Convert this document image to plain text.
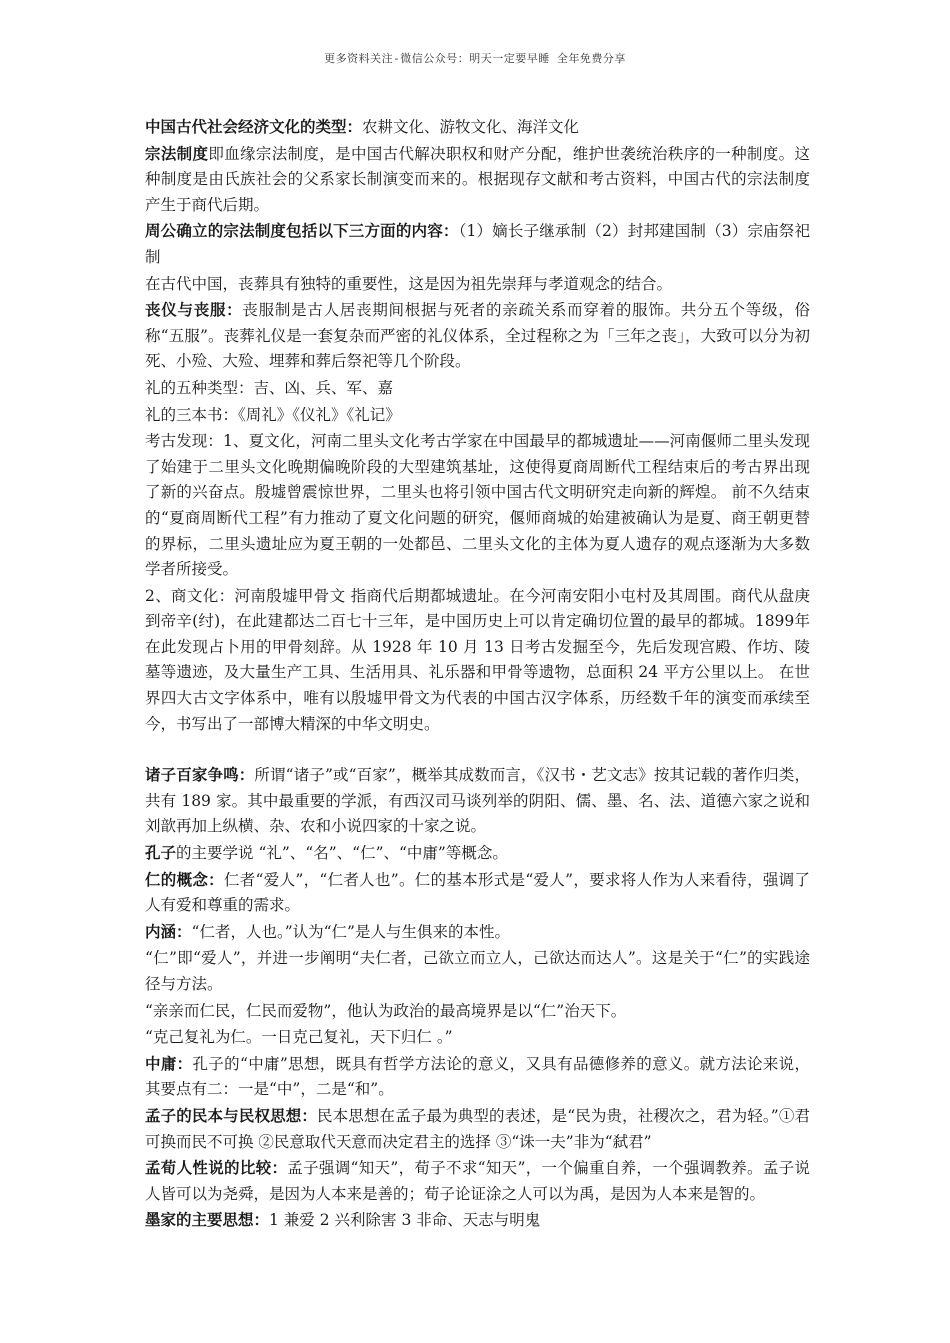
更多资料关注-微信公众号：明天一定要早睡 全年免费分享

中国古代社会经济文化的类型：农耕文化、游牧文化、海洋文化

宗法制度即血缘宗法制度，是中国古代解决职权和财产分配，维护世袭统治秩序的一种制度。这种制度是由氏族社会的父系家长制演变而来的。根据现存文献和考古资料，中国古代的宗法制度产生于商代后期。

周公确立的宗法制度包括以下三方面的内容：（1）嫡长子继承制（2）封邦建国制（3）宗庙祭祀制

在古代中国，丧葬具有独特的重要性，这是因为祖先崇拜与孝道观念的结合。

丧仪与丧服：丧服制是古人居丧期间根据与死者的亲疏关系而穿着的服饰。共分五个等级，俗称“五服”。丧葬礼仪是一套复杂而严密的礼仪体系，全过程称之为「三年之丧」，大致可以分为初死、小殓、大殓、埋葬和葬后祭祀等几个阶段。

礼的五种类型：吉、凶、兵、军、嘉

礼的三本书：《周礼》《仪礼》《礼记》

考古发现：1、夏文化，河南二里头文化考古学家在中国最早的都城遗址——河南偃师二里头发现了始建于二里头文化晚期偏晚阶段的大型建筑基址，这使得夏商周断代工程结束后的考古界出现了新的兴奋点。殷墟曾震惊世界，二里头也将引领中国古代文明研究走向新的辉煌。 前不久结束的“夏商周断代工程”有力推动了夏文化问题的研究，偃师商城的始建被确认为是夏、商王朝更替的界标，二里头遗址应为夏王朝的一处都邑、二里头文化的主体为夏人遗存的观点逐渐为大多数学者所接受。

2、商文化：河南殷墟甲骨文 指商代后期都城遗址。在今河南安阳小屯村及其周围。商代从盘庚到帝辛(纣)，在此建都达二百七十三年，是中国历史上可以肯定确切位置的最早的都城。1899年在此发现占卜用的甲骨刻辞。从 1928 年 10 月 13 日考古发掘至今，先后发现宫殿、作坊、陵墓等遗迹，及大量生产工具、生活用具、礼乐器和甲骨等遗物，总面积 24 平方公里以上。 在世界四大古文字体系中，唯有以殷墟甲骨文为代表的中国古汉字体系，历经数千年的演变而承续至今，书写出了一部博大精深的中华文明史。

诸子百家争鸣：所谓“诸子”或“百家”，概举其成数而言，《汉书・艺文志》按其记载的著作归类，共有 189 家。其中最重要的学派，有西汉司马谈列举的阴阳、儒、墨、名、法、道德六家之说和刘歆再加上纵横、杂、农和小说四家的十家之说。

孔子的主要学说 “礼”、“名”、“仁”、“中庸”等概念。

仁的概念：仁者“爱人”，“仁者人也”。仁的基本形式是“爱人”，要求将人作为人来看待，强调了人有爱和尊重的需求。

内涵：“仁者，人也。”认为“仁”是人与生俱来的本性。

“仁”即“爱人”，并进一步阐明“夫仁者，己欲立而立人，己欲达而达人”。这是关于“仁”的实践途径与方法。

“亲亲而仁民，仁民而爱物”，他认为政治的最高境界是以“仁”治天下。

“克己复礼为仁。一日克己复礼，天下归仁 。”

中庸：孔子的“中庸”思想，既具有哲学方法论的意义，又具有品德修养的意义。就方法论来说，其要点有二：一是“中”，二是“和”。

孟子的民本与民权思想：民本思想在孟子最为典型的表述，是“民为贵，社稷次之，君为轻。”①君可换而民不可换 ②民意取代天意而决定君主的选择 ③“诛一夫”非为“弑君”

孟荀人性说的比较：孟子强调“知天”，荀子不求“知天”，一个偏重自养，一个强调教养。孟子说人皆可以为尧舜，是因为人本来是善的；荀子论证涂之人可以为禹，是因为人本来是智的。

墨家的主要思想：1 兼爱 2 兴利除害 3 非命、天志与明鬼
